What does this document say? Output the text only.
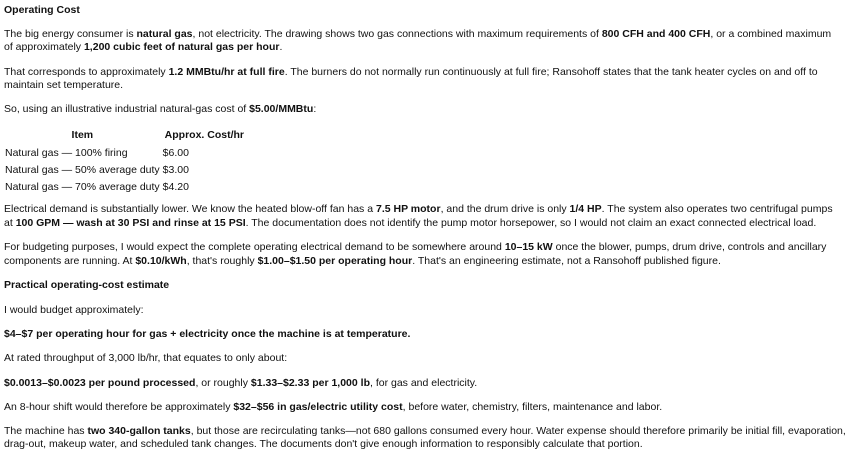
Operating Cost
The big energy consumer is natural gas, not electricity. The drawing shows two gas connections with maximum requirements of 800 CFH and 400 CFH, or a combined maximum
of approximately 1,200 cubic feet of natural gas per hour.
That corresponds to approximately 1.2 MMBtu/hr at full fire. The burners do not normally run continuously at full fire; Ransohoff states that the tank heater cycles on and off to
maintain set temperature.
So, using an illustrative industrial natural-gas cost of $5.00/MMBtu:
Item	Approx. Cost/hr
Natural gas — 100% firing	$6.00
Natural gas — 50% average duty	$3.00
Natural gas — 70% average duty	$4.20
Electrical demand is substantially lower. We know the heated blow-off fan has a 7.5 HP motor, and the drum drive is only 1/4 HP. The system also operates two centrifugal pumps
at 100 GPM — wash at 30 PSI and rinse at 15 PSI. The documentation does not identify the pump motor horsepower, so I would not claim an exact connected electrical load.
For budgeting purposes, I would expect the complete operating electrical demand to be somewhere around 10–15 kW once the blower, pumps, drum drive, controls and ancillary
components are running. At $0.10/kWh, that's roughly $1.00–$1.50 per operating hour. That's an engineering estimate, not a Ransohoff published figure.
Practical operating-cost estimate
I would budget approximately:
$4–$7 per operating hour for gas + electricity once the machine is at temperature.
At rated throughput of 3,000 lb/hr, that equates to only about:
$0.0013–$0.0023 per pound processed, or roughly $1.33–$2.33 per 1,000 lb, for gas and electricity.
An 8-hour shift would therefore be approximately $32–$56 in gas/electric utility cost, before water, chemistry, filters, maintenance and labor.
The machine has two 340-gallon tanks, but those are recirculating tanks—not 680 gallons consumed every hour. Water expense should therefore primarily be initial fill, evaporation,
drag-out, makeup water, and scheduled tank changes. The documents don't give enough information to responsibly calculate that portion.
